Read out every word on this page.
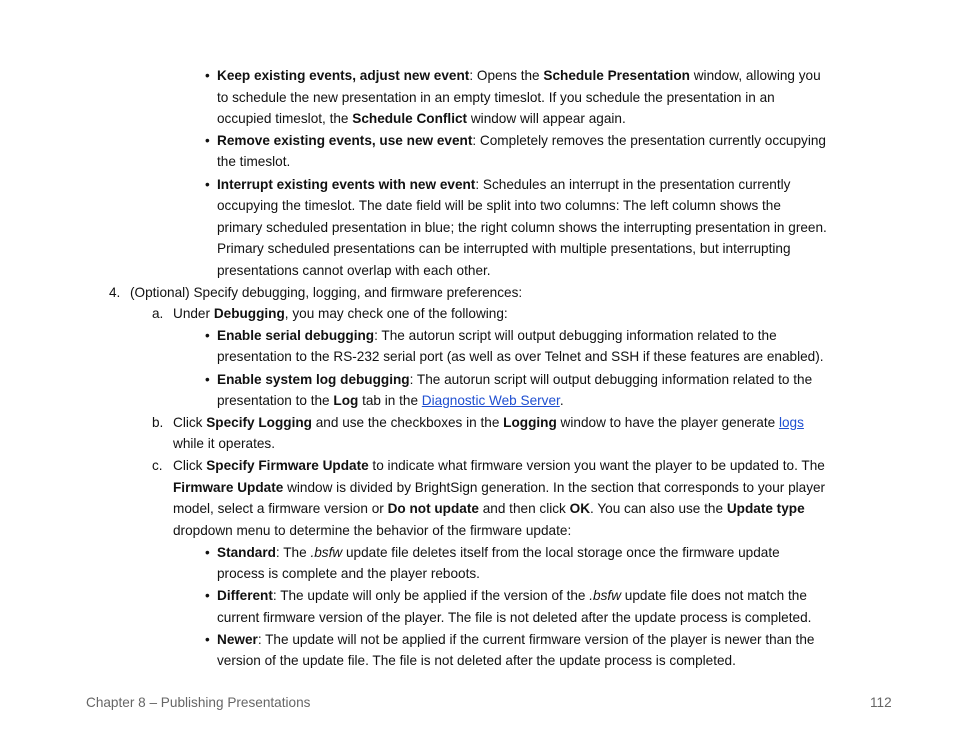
• Keep existing events, adjust new event: Opens the Schedule Presentation window, allowing you
to schedule the new presentation in an empty timeslot. If you schedule the presentation in an
occupied timeslot, the Schedule Conflict window will appear again.
• Remove existing events, use new event: Completely removes the presentation currently occupying
the timeslot.
• Interrupt existing events with new event: Schedules an interrupt in the presentation currently
occupying the timeslot. The date field will be split into two columns: The left column shows the
primary scheduled presentation in blue; the right column shows the interrupting presentation in green.
Primary scheduled presentations can be interrupted with multiple presentations, but interrupting
presentations cannot overlap with each other.
4. (Optional) Specify debugging, logging, and firmware preferences:
a. Under Debugging, you may check one of the following:
• Enable serial debugging: The autorun script will output debugging information related to the
presentation to the RS-232 serial port (as well as over Telnet and SSH if these features are enabled).
• Enable system log debugging: The autorun script will output debugging information related to the
presentation to the Log tab in the Diagnostic Web Server.
b. Click Specify Logging and use the checkboxes in the Logging window to have the player generate logs
while it operates.
c. Click Specify Firmware Update to indicate what firmware version you want the player to be updated to. The
Firmware Update window is divided by BrightSign generation. In the section that corresponds to your player
model, select a firmware version or Do not update and then click OK. You can also use the Update type
dropdown menu to determine the behavior of the firmware update:
• Standard: The .bsfw update file deletes itself from the local storage once the firmware update
process is complete and the player reboots.
• Different: The update will only be applied if the version of the .bsfw update file does not match the
current firmware version of the player. The file is not deleted after the update process is completed.
• Newer: The update will not be applied if the current firmware version of the player is newer than the
version of the update file. The file is not deleted after the update process is completed.
Chapter 8 – Publishing Presentations	112
